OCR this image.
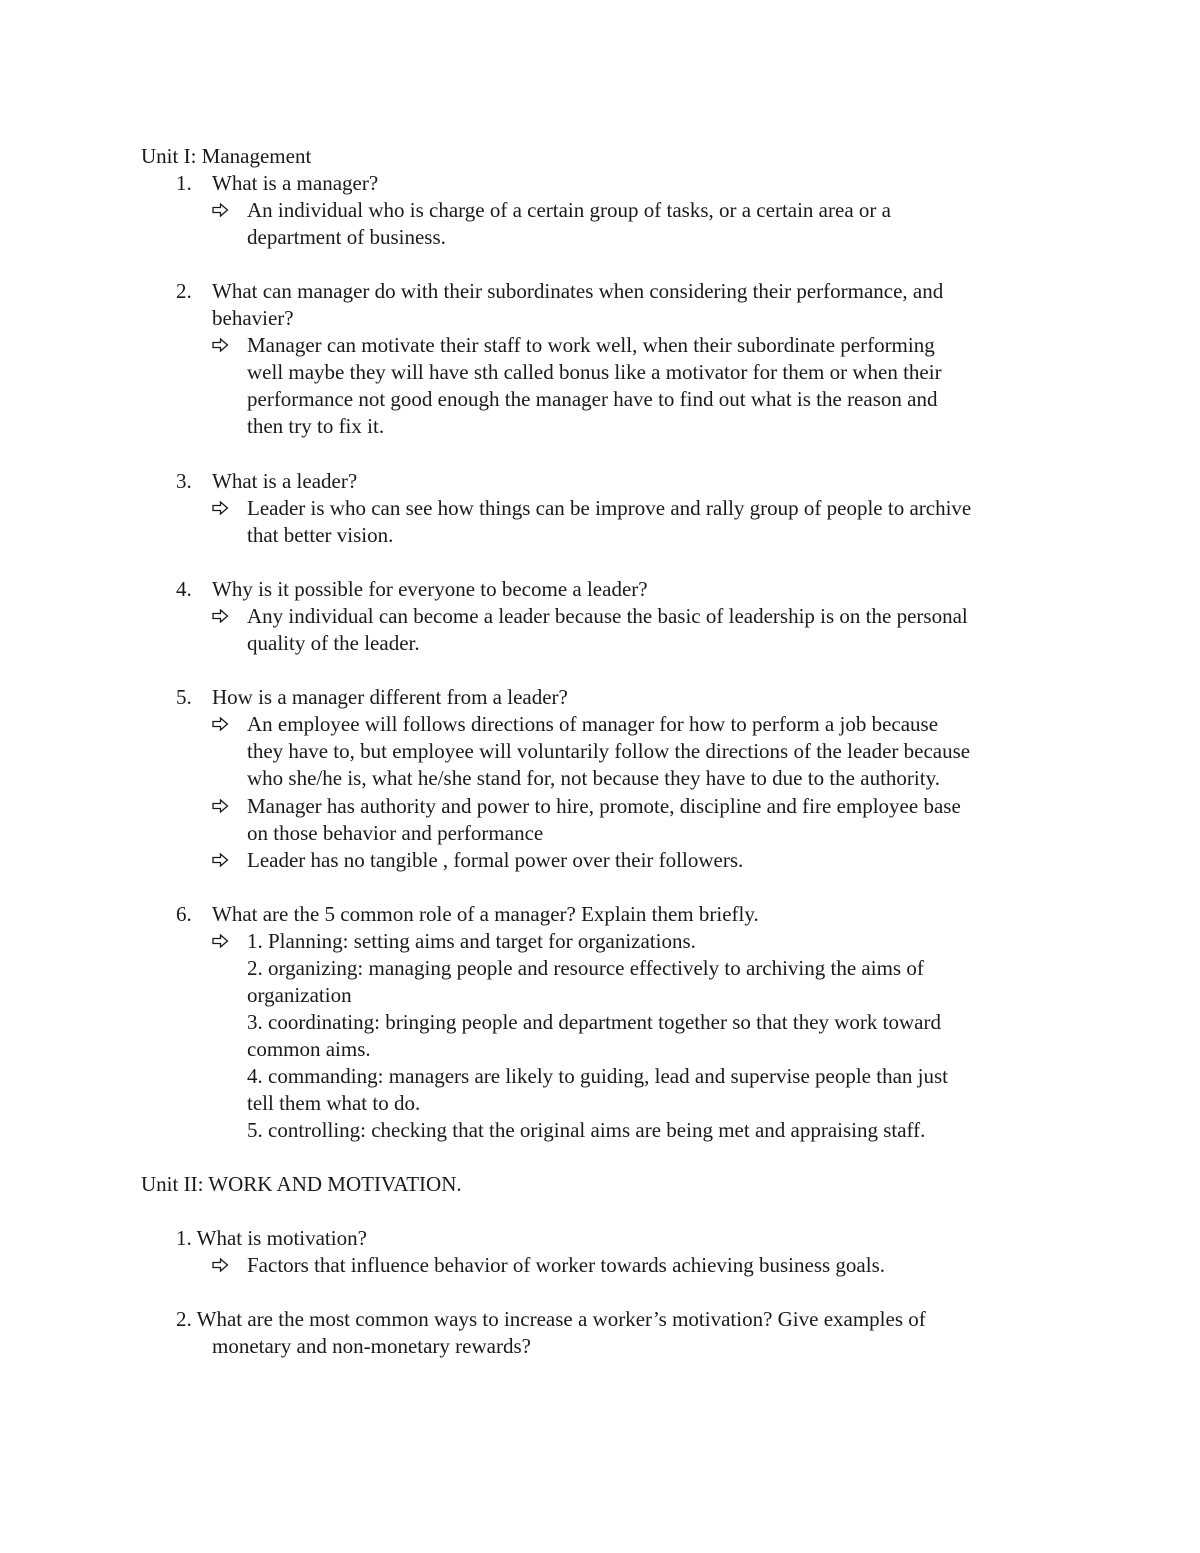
Unit I: Management
1. What is a manager?
An individual who is charge of a certain group of tasks, or a certain area or a
department of business.
2. What can manager do with their subordinates when considering their performance, and
behavier?
Manager can motivate their staff to work well, when their subordinate performing
well maybe they will have sth called bonus like a motivator for them or when their
performance not good enough the manager have to find out what is the reason and
then try to fix it.
3. What is a leader?
Leader is who can see how things can be improve and rally group of people to archive
that better vision.
4. Why is it possible for everyone to become a leader?
Any individual can become a leader because the basic of leadership is on the personal
quality of the leader.
5. How is a manager different from a leader?
An employee will follows directions of manager for how to perform a job because
they have to, but employee will voluntarily follow the directions of the leader because
who she/he is, what he/she stand for, not because they have to due to the authority.
Manager has authority and power to hire, promote, discipline and fire employee base
on those behavior and performance
Leader has no tangible , formal power over their followers.
6. What are the 5 common role of a manager? Explain them briefly.
1. Planning: setting aims and target for organizations.
2. organizing: managing people and resource effectively to archiving the aims of
organization
3. coordinating: bringing people and department together so that they work toward
common aims.
4. commanding: managers are likely to guiding, lead and supervise people than just
tell them what to do.
5. controlling: checking that the original aims are being met and appraising staff.
Unit II: WORK AND MOTIVATION.
1. What is motivation?
Factors that influence behavior of worker towards achieving business goals.
2. What are the most common ways to increase a worker’s motivation? Give examples of
monetary and non-monetary rewards?
